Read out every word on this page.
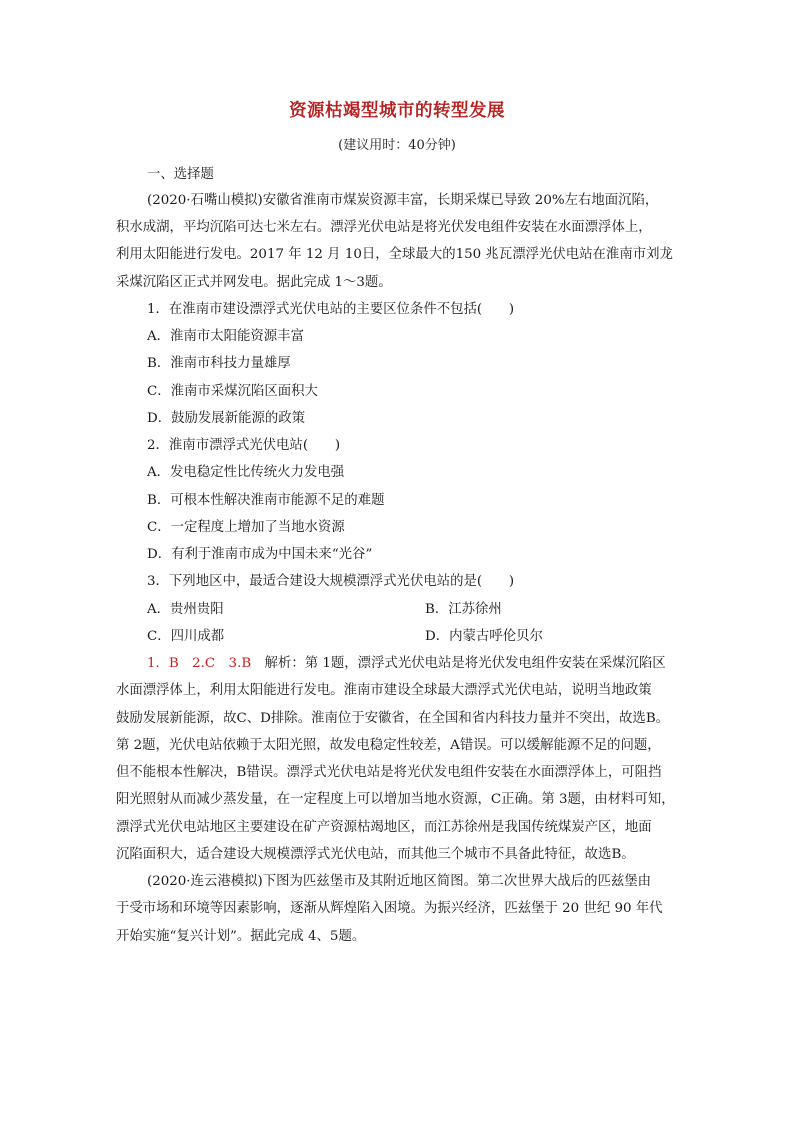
资源枯竭型城市的转型发展
(建议用时：40分钟)
一、选择题
(2020·石嘴山模拟)安徽省淮南市煤炭资源丰富，长期采煤已导致 20%左右地面沉陷，
积水成湖，平均沉陷可达七米左右。漂浮光伏电站是将光伏发电组件安装在水面漂浮体上，
利用太阳能进行发电。2017 年 12 月 10日，全球最大的150 兆瓦漂浮光伏电站在淮南市刘龙
采煤沉陷区正式并网发电。据此完成 1～3题。
1．在淮南市建设漂浮式光伏电站的主要区位条件不包括(　　)
A．淮南市太阳能资源丰富
B．淮南市科技力量雄厚
C．淮南市采煤沉陷区面积大
D．鼓励发展新能源的政策
2．淮南市漂浮式光伏电站(　　)
A．发电稳定性比传统火力发电强
B．可根本性解决淮南市能源不足的难题
C．一定程度上增加了当地水资源
D．有利于淮南市成为中国未来“光谷”
3．下列地区中，最适合建设大规模漂浮式光伏电站的是(　　)
A．贵州贵阳	B．江苏徐州
C．四川成都	D．内蒙古呼伦贝尔
1．B　2.C　3.B　解析：第 1题，漂浮式光伏电站是将光伏发电组件安装在采煤沉陷区
水面漂浮体上，利用太阳能进行发电。淮南市建设全球最大漂浮式光伏电站，说明当地政策
鼓励发展新能源，故C、D排除。淮南位于安徽省，在全国和省内科技力量并不突出，故选B。
第 2题，光伏电站依赖于太阳光照，故发电稳定性较差，A错误。可以缓解能源不足的问题，
但不能根本性解决，B错误。漂浮式光伏电站是将光伏发电组件安装在水面漂浮体上，可阻挡
阳光照射从而减少蒸发量，在一定程度上可以增加当地水资源，C正确。第 3题，由材料可知，
漂浮式光伏电站地区主要建设在矿产资源枯竭地区，而江苏徐州是我国传统煤炭产区，地面
沉陷面积大，适合建设大规模漂浮式光伏电站，而其他三个城市不具备此特征，故选B。
(2020·连云港模拟)下图为匹兹堡市及其附近地区简图。第二次世界大战后的匹兹堡由
于受市场和环境等因素影响，逐渐从辉煌陷入困境。为振兴经济，匹兹堡于 20 世纪 90 年代
开始实施“复兴计划”。据此完成 4、5题。
